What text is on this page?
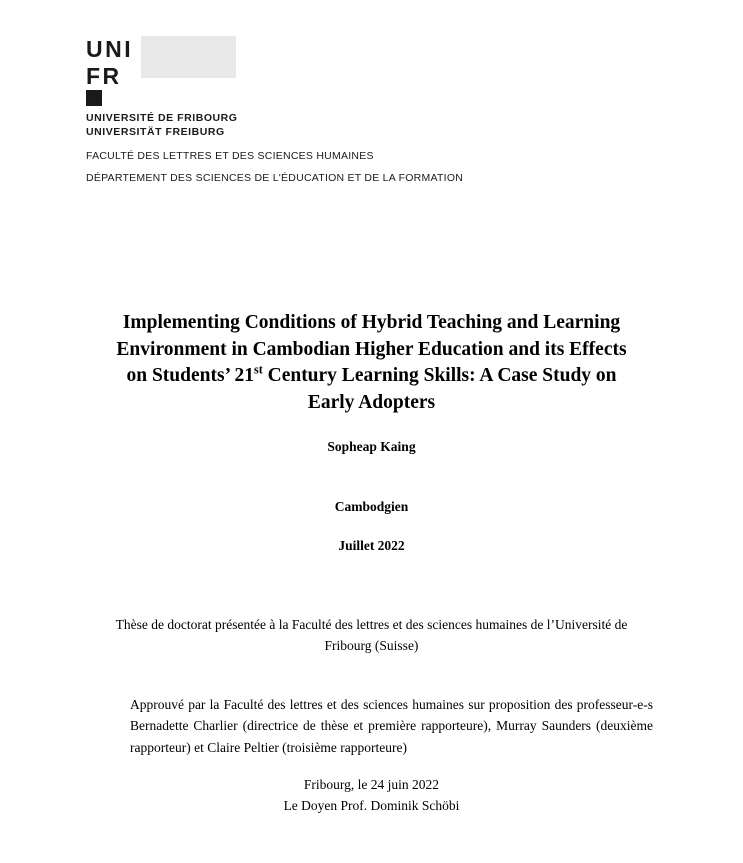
UNI
FR
UNIVERSITÉ DE FRIBOURG
UNIVERSITÄT FREIBURG
FACULTÉ DES LETTRES ET DES SCIENCES HUMAINES
DÉPARTEMENT DES SCIENCES DE L'ÉDUCATION ET DE LA FORMATION
Implementing Conditions of Hybrid Teaching and Learning Environment in Cambodian Higher Education and its Effects on Students’ 21st Century Learning Skills: A Case Study on Early Adopters
Sopheap Kaing
Cambodgien
Juillet 2022
Thèse de doctorat présentée à la Faculté des lettres et des sciences humaines de l’Université de Fribourg (Suisse)
Approuvé par la Faculté des lettres et des sciences humaines sur proposition des professeur-e-s Bernadette Charlier (directrice de thèse et première rapporteure), Murray Saunders (deuxième rapporteur) et Claire Peltier (troisième rapporteure)
Fribourg, le 24 juin 2022
Le Doyen Prof. Dominik Schöbi
